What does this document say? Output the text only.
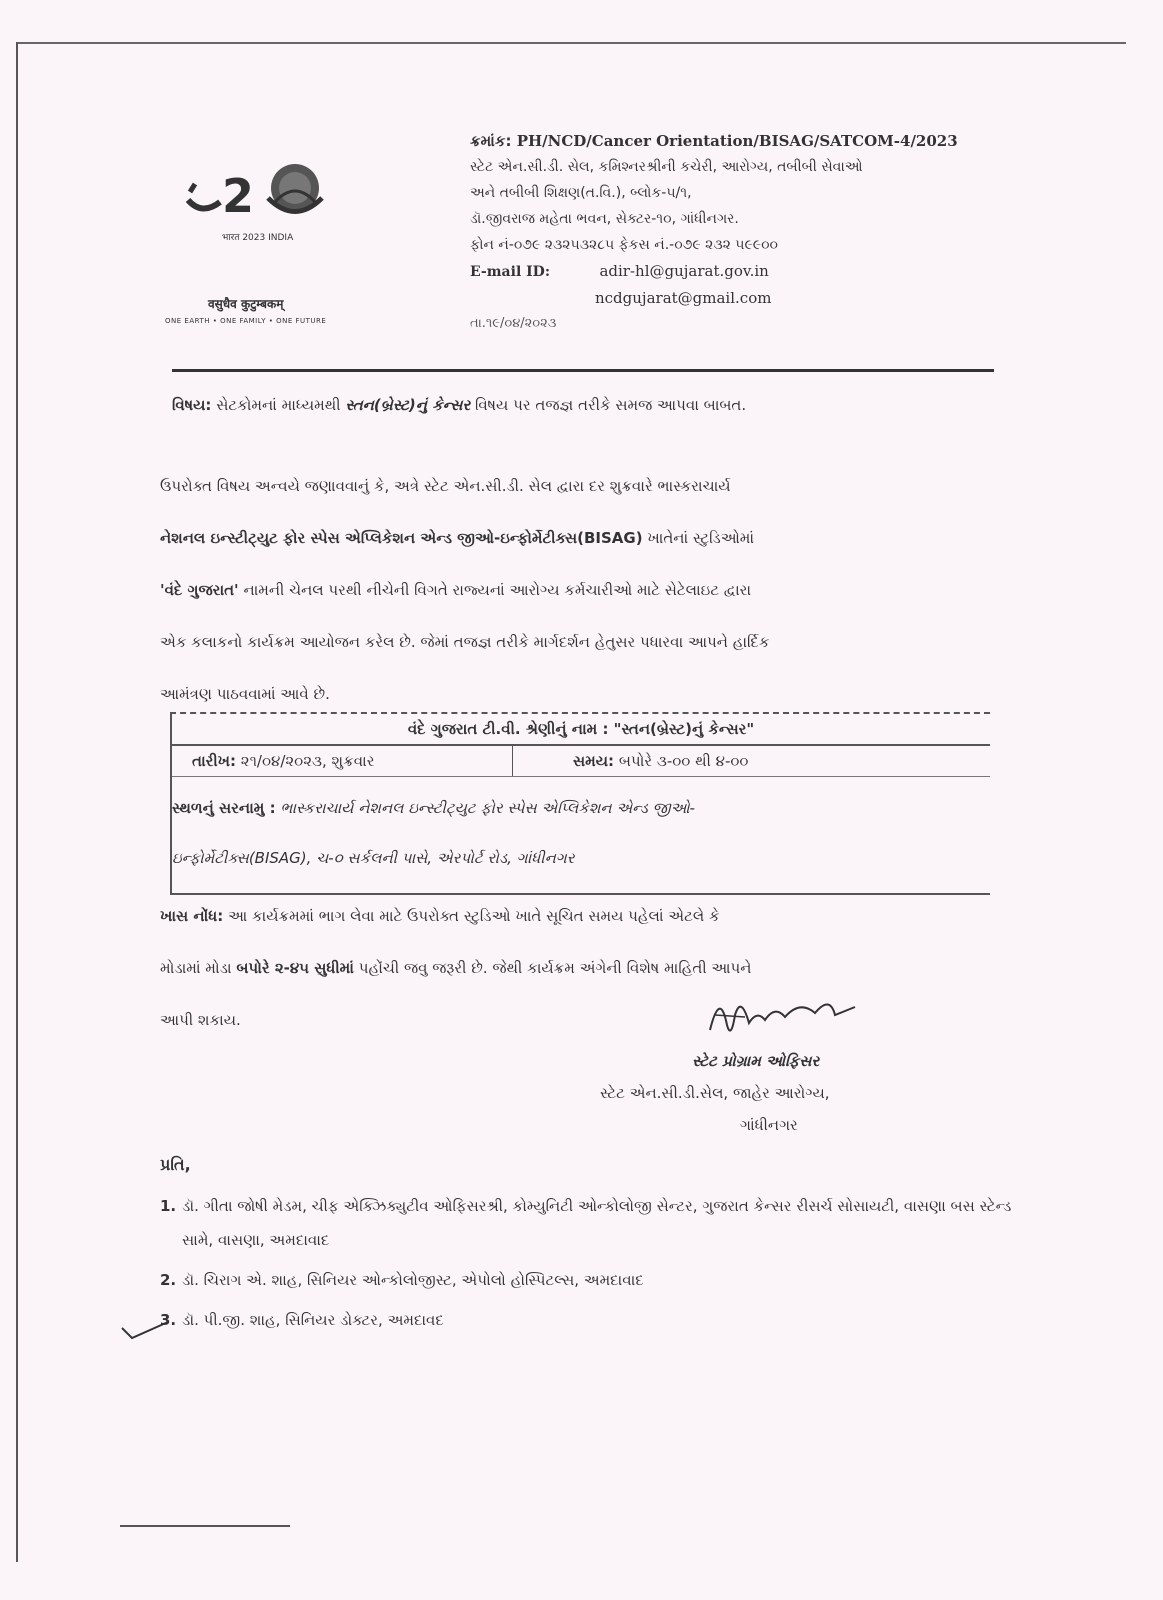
2
भारत 2023 INDIA
वसुधैव कुटुम्बकम्
ONE EARTH • ONE FAMILY • ONE FUTURE
ક્રમાંક: PH/NCD/Cancer Orientation/BISAG/SATCOM-4/2023
સ્ટેટ એન.સી.ડી. સેલ, કમિશ્નરશ્રીની કચેરી, આરોગ્ય, તબીબી સેવાઓ
અને તબીબી શિક્ષણ(ત.વિ.), બ્લોક-૫/૧,
ડૉ.જીવરાજ મહેતા ભવન, સેક્ટર-૧૦, ગાંધીનગર.
ફોન નં-૦૭૯ ૨૩૨૫૩૨૮૫ ફેકસ નં.-૦૭૯ ૨૩૨ ૫૯૯૦૦
E-mail ID:	adir-hl@gujarat.gov.in
ncdgujarat@gmail.com
તા.૧૯/૦૪/૨૦૨૩
વિષય: સેટકોમનાં માધ્યમથી સ્તન(બ્રેસ્ટ)નું કેન્સર વિષય પર તજજ્ઞ તરીકે સમજ આપવા બાબત.

ઉપરોક્ત વિષય અન્વયે જણાવવાનું કે, અત્રે સ્ટેટ એન.સી.ડી. સેલ દ્વારા દર શુક્રવારે ભાસ્કરાચાર્ય

નેશનલ ઇન્સ્ટીટ્યુટ ફોર સ્પેસ એપ્લિકેશન એન્ડ જીઓ-ઇન્ફોર્મેટીક્સ(BISAG) ખાતેનાં સ્ટુડિઓમાં

'વંદે ગુજરાત' નામની ચેનલ પરથી નીચેની વિગતે રાજ્યનાં આરોગ્ય કર્મચારીઓ માટે સેટેલાઇટ દ્વારા

એક કલાકનો કાર્યક્રમ આયોજન કરેલ છે. જેમાં તજજ્ઞ તરીકે માર્ગદર્શન હેતુસર પધારવા આપને હાર્દિક

આમંત્રણ પાઠવવામાં આવે છે.

વંદે ગુજરાત ટી.વી. શ્રેણીનું નામ : "સ્તન(બ્રેસ્ટ)નું કેન્સર"
તારીખ: ૨૧/૦૪/૨૦૨૩, શુક્રવાર	સમય: બપોરે ૩-૦૦ થી ૪-૦૦
સ્થળનું સરનામુ : ભાસ્કરાચાર્ય નેશનલ ઇન્સ્ટીટ્યુટ ફોર સ્પેસ એપ્લિકેશન એન્ડ જીઓ-
ઇન્ફોર્મેટીક્સ(BISAG), ચ-૦ સર્કલની પાસે, એરપોર્ટ રોડ, ગાંધીનગર

ખાસ નોંધ: આ કાર્યક્રમમાં ભાગ લેવા માટે ઉપરોક્ત સ્ટુડિઓ ખાતે સૂચિત સમય પહેલાં એટલે કે

મોડામાં મોડા બપોરે ૨-૪૫ સુધીમાં પહોંચી જવુ જરૂરી છે. જેથી કાર્યક્રમ અંગેની વિશેષ માહિતી આપને

આપી શકાય.

સ્ટેટ પ્રોગ્રામ ઓફિસર
સ્ટેટ એન.સી.ડી.સેલ, જાહેર આરોગ્ય,
ગાંધીનગર
પ્રતિ,
1. ડૉ. ગીતા જોષી મેડમ, ચીફ એક્ઝિક્યુટીવ ઓફિસરશ્રી, કોમ્યુનિટી ઓન્કોલોજી સેન્ટર, ગુજરાત કેન્સર રીસર્ચ સોસાયટી, વાસણા બસ સ્ટેન્ડ સામે, વાસણા, અમદાવાદ
2. ડૉ. ચિરાગ એ. શાહ, સિનિયર ઓન્કોલોજીસ્ટ, એપોલો હોસ્પિટલ્સ, અમદાવાદ
3. ડૉ. પી.જી. શાહ, સિનિયર ડોક્ટર, અમદાવદ
